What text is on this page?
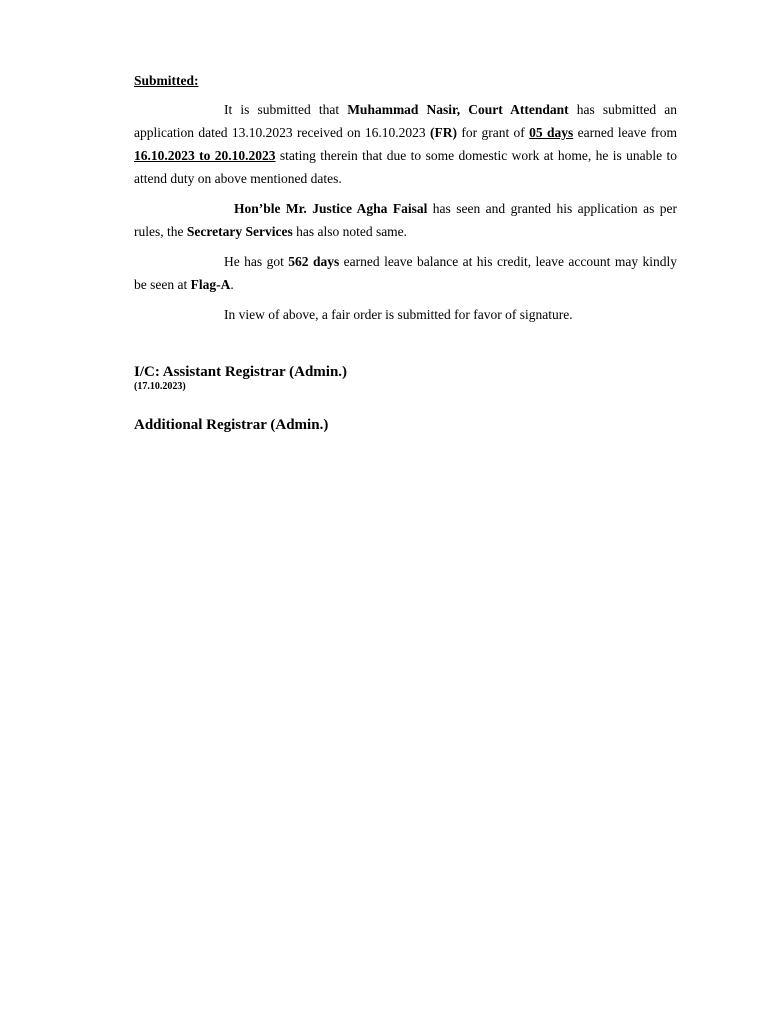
Submitted:

It is submitted that Muhammad Nasir, Court Attendant has submitted an application dated 13.10.2023 received on 16.10.2023 (FR) for grant of 05 days earned leave from 16.10.2023 to 20.10.2023 stating therein that due to some domestic work at home, he is unable to attend duty on above mentioned dates.

Hon’ble Mr. Justice Agha Faisal has seen and granted his application as per rules, the Secretary Services has also noted same.

He has got 562 days earned leave balance at his credit, leave account may kindly be seen at Flag-A.

In view of above, a fair order is submitted for favor of signature.

I/C: Assistant Registrar (Admin.)
(17.10.2023)
Additional Registrar (Admin.)
